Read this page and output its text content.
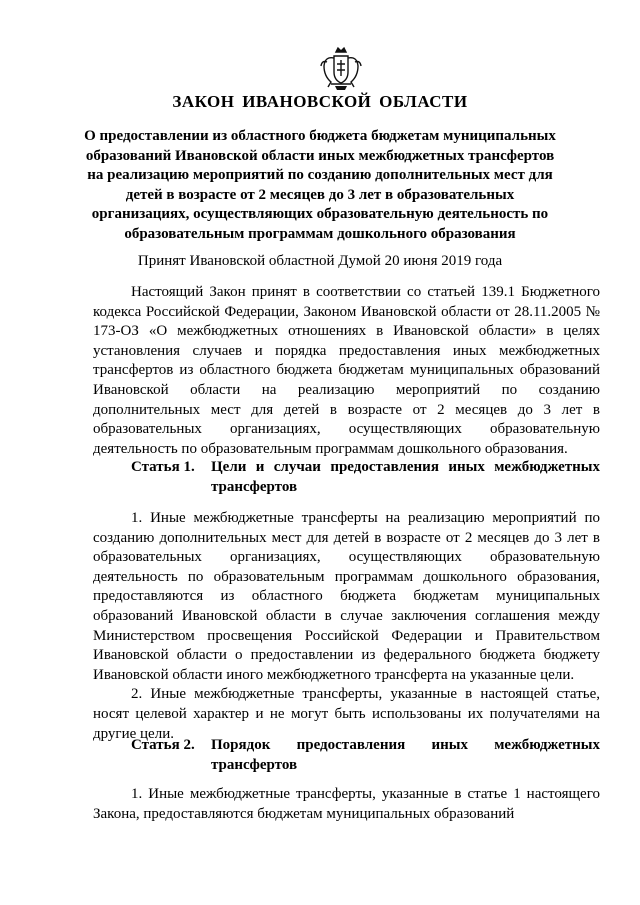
ЗАКОН ИВАНОВСКОЙ ОБЛАСТИ
О предоставлении из областного бюджета бюджетам муниципальных образований Ивановской области иных межбюджетных трансфертов на реализацию мероприятий по созданию дополнительных мест для детей в возрасте от 2 месяцев до 3 лет в образовательных организациях, осуществляющих образовательную деятельность по образовательным программам дошкольного образования
Принят Ивановской областной Думой 20 июня 2019 года

Настоящий Закон принят в соответствии со статьей 139.1 Бюджетного кодекса Российской Федерации, Законом Ивановской области от 28.11.2005 № 173-ОЗ «О межбюджетных отношениях в Ивановской области» в целях установления случаев и порядка предоставления иных межбюджетных трансфертов из областного бюджета бюджетам муниципальных образований Ивановской области на реализацию мероприятий по созданию дополнительных мест для детей в возрасте от 2 месяцев до 3 лет в образовательных организациях, осуществляющих образовательную деятельность по образовательным программам дошкольного образования.

Статья 1.	Цели и случаи предоставления иных межбюджетных
трансфертов

1. Иные межбюджетные трансферты на реализацию мероприятий по созданию дополнительных мест для детей в возрасте от 2 месяцев до 3 лет в образовательных организациях, осуществляющих образовательную деятельность по образовательным программам дошкольного образования, предоставляются из областного бюджета бюджетам муниципальных образований Ивановской области в случае заключения соглашения между Министерством просвещения Российской Федерации и Правительством Ивановской области о предоставлении из федерального бюджета бюджету Ивановской области иного межбюджетного трансферта на указанные цели.

2. Иные межбюджетные трансферты, указанные в настоящей статье, носят целевой характер и не могут быть использованы их получателями на другие цели.

Статья 2.	Порядок предоставления иных межбюджетных
трансфертов

1. Иные межбюджетные трансферты, указанные в статье 1 настоящего Закона, предоставляются бюджетам муниципальных образований
